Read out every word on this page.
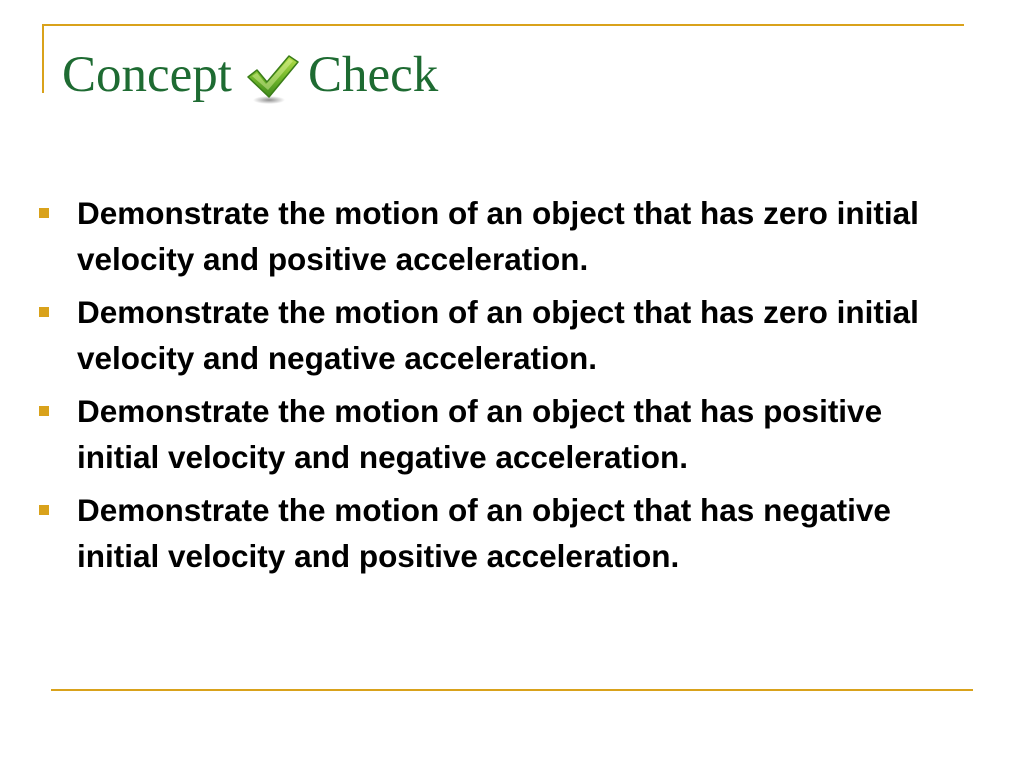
Concept Check
Demonstrate the motion of an object that has zero initial velocity and positive acceleration.
Demonstrate the motion of an object that has zero initial velocity and negative acceleration.
Demonstrate the motion of an object that has positive initial velocity and negative acceleration.
Demonstrate the motion of an object that has negative initial velocity and positive acceleration.
